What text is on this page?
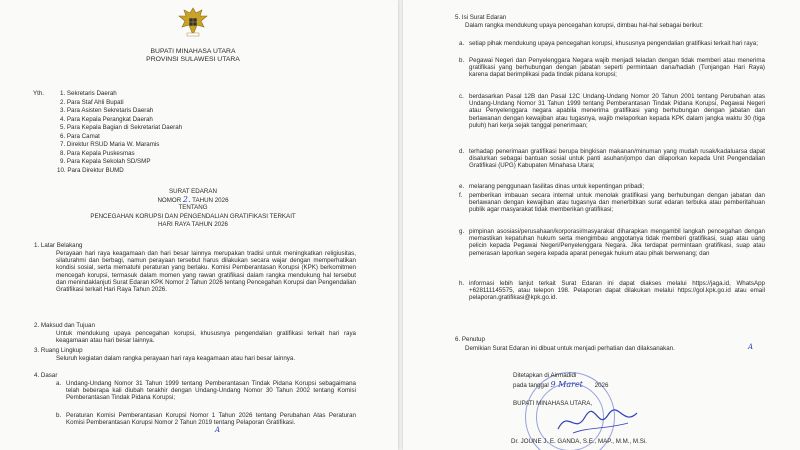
BUPATI MINAHASA UTARA
PROVINSI SULAWESI UTARA
Yth.	1. Sekretaris Daerah
2. Para Staf Ahli Bupati
3. Para Asisten Sekretaris Daerah
4. Para Kepala Perangkat Daerah
5. Para Kepala Bagian di Sekretariat Daerah
6. Para Camat
7. Direktur RSUD Maria W. Maramis
8. Para Kepala Puskesmas
9. Para Kepala Sekolah SD/SMP
10. Para Direktur BUMD
SURAT EDARAN
NOMOR 2. TAHUN 2026
TENTANG
PENCEGAHAN KORUPSI DAN PENGENDALIAN GRATIFIKASI TERKAIT
HARI RAYA TAHUN 2026
1. Latar Belakang
Perayaan hari raya keagamaan dan hari besar lainnya merupakan tradisi untuk meningkatkan religiusitas, silaturahmi dan berbagi, namun perayaan tersebut harus dilakukan secara wajar dengan memperhatikan kondisi sosial, serta mematuhi peraturan yang berlaku. Komisi Pemberantasan Korupsi (KPK) berkomitmen mencegah korupsi, termasuk dalam momen yang rawan gratifikasi dalam rangka mendukung hal tersebut dan menindaklanjuti Surat Edaran KPK Nomor 2 Tahun 2026 tentang Pencegahan Korupsi dan Pengendalian Gratifikasi terkait Hari Raya Tahun 2026.
2. Maksud dan Tujuan
Untuk mendukung upaya pencegahan korupsi, khususnya pengendalian gratifikasi terkait hari raya keagamaan atau hari besar lainnya.
3. Ruang Lingkup
Seluruh kegiatan dalam rangka perayaan hari raya keagamaan atau hari besar lainnya.
4. Dasar
a. Undang-Undang Nomor 31 Tahun 1999 tentang Pemberantasan Tindak Pidana Korupsi sebagaimana telah beberapa kali diubah terakhir dengan Undang-Undang Nomor 30 Tahun 2002 tentang Komisi Pemberantasan Tindak Pidana Korupsi;
b. Peraturan Komisi Pemberantasan Korupsi Nomor 1 Tahun 2026 tentang Perubahan Atas Peraturan Komisi Pemberantasan Korupsi Nomor 2 Tahun 2019 tentang Pelaporan Gratifikasi.
A
5. Isi Surat Edaran
Dalam rangka mendukung upaya pencegahan korupsi, dimbau hal-hal sebagai berikut:
a. setiap pihak mendukung upaya pencegahan korupsi, khususnya pengendalian gratifikasi terkait hari raya;
b. Pegawai Negeri dan Penyelenggara Negara wajib menjadi teladan dengan tidak memberi atau menerima gratifikasi yang berhubungan dengan jabatan seperti permintaan dana/hadiah (Tunjangan Hari Raya) karena dapat berimplikasi pada tindak pidana korupsi;
c. berdasarkan Pasal 12B dan Pasal 12C Undang-Undang Nomor 20 Tahun 2001 tentang Perubahan atas Undang-Undang Nomor 31 Tahun 1999 tentang Pemberantasan Tindak Pidana Korupsi, Pegawai Negeri atau Penyelenggara negara apabila menerima gratifikasi yang berhubungan dengan jabatan dan berlawanan dengan kewajiban atau tugasnya, wajib melaporkan kepada KPK dalam jangka waktu 30 (tiga puluh) hari kerja sejak tanggal penerimaan;
d. terhadap penerimaan gratifikasi berupa bingkisan makanan/minuman yang mudah rusak/kadaluarsa dapat disalurkan sebagai bantuan sosial untuk panti asuhan/jompo dan dilaporkan kepada Unit Pengendalian Gratifikasi (UPG) Kabupaten Minahasa Utara;
e. melarang penggunaan fasilitas dinas untuk kepentingan pribadi;
f. pemberikan imbauan secara internal untuk menolak gratifikasi yang berhubungan dengan jabatan dan berlawanan dengan kewajiban atau tugasnya dan menerbitkan surat edaran terbuka atau pemberitahuan publik agar masyarakat tidak memberikan gratifikasi;
g. pimpinan asosiasi/perusahaan/korporasi/masyarakat diharapkan mengambil langkah pencegahan dengan memastikan kepatuhan hukum serta mengimbau anggotanya tidak memberi gratifikasi, suap atau uang pelicin kepada Pegawai Negeri/Penyelenggara Negara. Jika terdapat permintaan gratifikasi, suap atau pemerasan laporkan segera kepada aparat penegak hukum atau pihak berwenang; dan
h. informasi lebih lanjut terkait Surat Edaran ini dapat diakses melalui https://jaga.id, WhatsApp +628111145575, atau telepon 198. Pelaporan dapat dilakukan melalui https://gol.kpk.go.id atau email pelaporan.gratifikasi@kpk.go.id.
6. Penutup
Demikian Surat Edaran ini dibuat untuk menjadi perhatian dan dilaksanakan.	A
Ditetapkan di Airmadidi
pada tanggal 9 Maret 2026
BUPATI MINAHASA UTARA,
Dr. JOUNE J. E. GANDA, S.E., MAP., M.M., M.Si.
